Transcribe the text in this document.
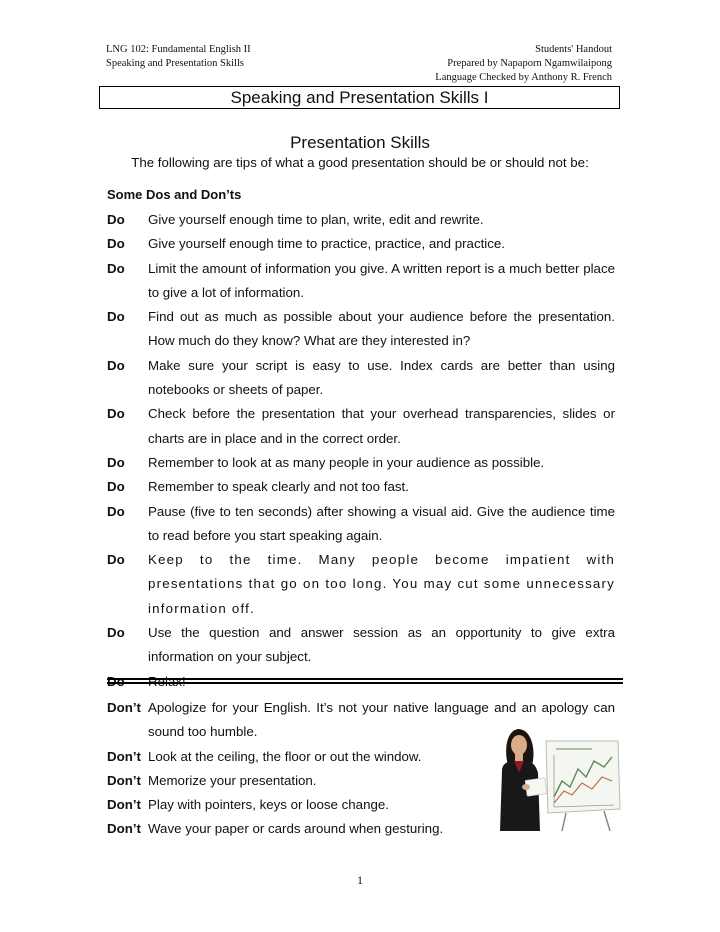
LNG 102: Fundamental English II
Speaking and Presentation Skills
Students' Handout
Prepared by Napaporn Ngamwilaipong
Language Checked by Anthony R. French
Speaking and Presentation Skills I
Presentation Skills
The following are tips of what a good presentation should be or should not be:
Some Dos and Don’ts
Do	Give yourself enough time to plan, write, edit and rewrite.
Do	Give yourself enough time to practice, practice, and practice.
Do	Limit the amount of information you give. A written report is a much better place to give a lot of information.
Do	Find out as much as possible about your audience before the presentation. How much do they know? What are they interested in?
Do	Make sure your script is easy to use. Index cards are better than using notebooks or sheets of paper.
Do	Check before the presentation that your overhead transparencies, slides or charts are in place and in the correct order.
Do	Remember to look at as many people in your audience as possible.
Do	Remember to speak clearly and not too fast.
Do	Pause (five to ten seconds) after showing a visual aid. Give the audience time to read before you start speaking again.
Do	Keep to the time. Many people become impatient with presentations that go on too long. You may cut some unnecessary information off.
Do	Use the question and answer session as an opportunity to give extra information on your subject.
Do	Relax!
Don’t Apologize for your English. It’s not your native language and an apology can sound too humble.
Don’t Look at the ceiling, the floor or out the window.
Don’t Memorize your presentation.
Don’t Play with pointers, keys or loose change.
Don’t Wave your paper or cards around when gesturing.
1
